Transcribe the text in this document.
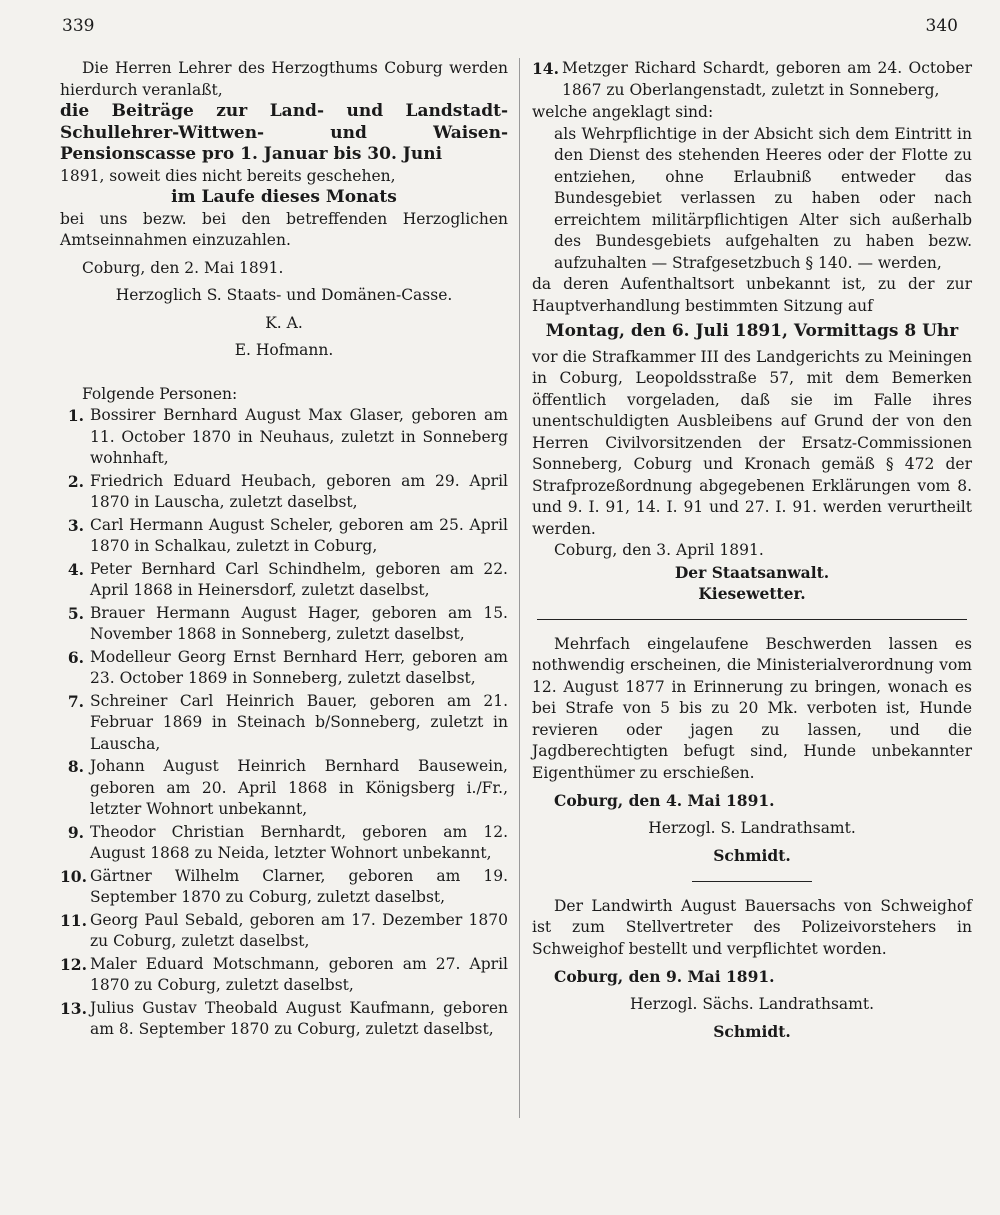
339	340

Die Herren Lehrer des Herzogthums Coburg werden hierdurch veranlaßt,

die Beiträge zur Land- und Landstadt-Schullehrer-Wittwen- und Waisen-Pensionscasse pro 1. Januar bis 30. Juni

1891, soweit dies nicht bereits geschehen,

im Laufe dieses Monats

bei uns bezw. bei den betreffenden Herzoglichen Amtseinnahmen einzuzahlen.

Coburg, den 2. Mai 1891.

Herzoglich S. Staats- und Domänen-Casse.

K. A.

E. Hofmann.

Folgende Personen:

1. Bossirer Bernhard August Max Glaser, geboren am 11. October 1870 in Neuhaus, zuletzt in Sonneberg wohnhaft,
2. Friedrich Eduard Heubach, geboren am 29. April 1870 in Lauscha, zuletzt daselbst,
3. Carl Hermann August Scheler, geboren am 25. April 1870 in Schalkau, zuletzt in Coburg,
4. Peter Bernhard Carl Schindhelm, geboren am 22. April 1868 in Heinersdorf, zuletzt daselbst,
5. Brauer Hermann August Hager, geboren am 15. November 1868 in Sonneberg, zuletzt daselbst,
6. Modelleur Georg Ernst Bernhard Herr, geboren am 23. October 1869 in Sonneberg, zuletzt daselbst,
7. Schreiner Carl Heinrich Bauer, geboren am 21. Februar 1869 in Steinach b/Sonneberg, zuletzt in Lauscha,
8. Johann August Heinrich Bernhard Bausewein, geboren am 20. April 1868 in Königsberg i./Fr., letzter Wohnort unbekannt,
9. Theodor Christian Bernhardt, geboren am 12. August 1868 zu Neida, letzter Wohnort unbekannt,
10. Gärtner Wilhelm Clarner, geboren am 19. September 1870 zu Coburg, zuletzt daselbst,
11. Georg Paul Sebald, geboren am 17. Dezember 1870 zu Coburg, zuletzt daselbst,
12. Maler Eduard Motschmann, geboren am 27. April 1870 zu Coburg, zuletzt daselbst,
13. Julius Gustav Theobald August Kaufmann, geboren am 8. September 1870 zu Coburg, zuletzt daselbst,
14. Metzger Richard Schardt, geboren am 24. October 1867 zu Oberlangenstadt, zuletzt in Sonneberg,

welche angeklagt sind:

als Wehrpflichtige in der Absicht sich dem Eintritt in den Dienst des stehenden Heeres oder der Flotte zu entziehen, ohne Erlaubniß entweder das Bundesgebiet verlassen zu haben oder nach erreichtem militärpflichtigen Alter sich außerhalb des Bundesgebiets aufgehalten zu haben bezw. aufzuhalten — Strafgesetzbuch § 140. — werden,

da deren Aufenthaltsort unbekannt ist, zu der zur Hauptverhandlung bestimmten Sitzung auf

Montag, den 6. Juli 1891, Vormittags 8 Uhr

vor die Strafkammer III des Landgerichts zu Meiningen in Coburg, Leopoldsstraße 57, mit dem Bemerken öffentlich vorgeladen, daß sie im Falle ihres unentschuldigten Ausbleibens auf Grund der von den Herren Civilvorsitzenden der Ersatz-Commissionen Sonneberg, Coburg und Kronach gemäß § 472 der Strafprozeßordnung abgegebenen Erklärungen vom 8. und 9. I. 91, 14. I. 91 und 27. I. 91. werden verurtheilt werden.

Coburg, den 3. April 1891.

Der Staatsanwalt.

Kiesewetter.

Mehrfach eingelaufene Beschwerden lassen es nothwendig erscheinen, die Ministerialverordnung vom 12. August 1877 in Erinnerung zu bringen, wonach es bei Strafe von 5 bis zu 20 Mk. verboten ist, Hunde revieren oder jagen zu lassen, und die Jagdberechtigten befugt sind, Hunde unbekannter Eigenthümer zu erschießen.

Coburg, den 4. Mai 1891.

Herzogl. S. Landrathsamt.

Schmidt.

Der Landwirth August Bauersachs von Schweighof ist zum Stellvertreter des Polizeivorstehers in Schweighof bestellt und verpflichtet worden.

Coburg, den 9. Mai 1891.

Herzogl. Sächs. Landrathsamt.

Schmidt.
